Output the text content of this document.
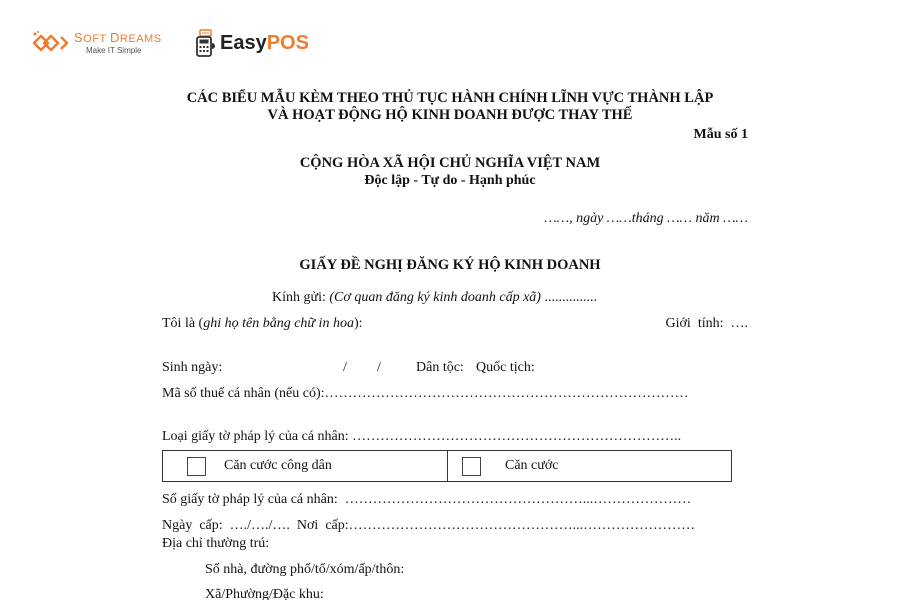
SOFT DREAMS
Make IT Simple	EasyPOS
CÁC BIỂU MẪU KÈM THEO THỦ TỤC HÀNH CHÍNH LĨNH VỰC THÀNH LẬP
VÀ HOẠT ĐỘNG HỘ KINH DOANH ĐƯỢC THAY THẾ
Mẫu số 1
CỘNG HÒA XÃ HỘI CHỦ NGHĨA VIỆT NAM
Độc lập - Tự do - Hạnh phúc
……, ngày ……tháng …… năm ……
GIẤY ĐỀ NGHỊ ĐĂNG KÝ HỘ KINH DOANH
Kính gửi: (Cơ quan đăng ký kinh doanh cấp xã) ...............
Tôi là (ghi họ tên bằng chữ in hoa):	Giới  tính:  ….
Sinh ngày:	/ /	Dân tộc: Quốc tịch:
Mã số thuế cá nhân (nếu có):……………………………………………………………………
Loại giấy tờ pháp lý của cá nhân: ……………………………………………………………..
Căn cước công dân	Căn cước
Số giấy tờ pháp lý của cá nhân:  ……………………………………………...…………………
Ngày  cấp:  …./…./….  Nơi  cấp:…………………………………………...……………………
Địa chỉ thường trú:
Số nhà, đường phố/tổ/xóm/ấp/thôn:
Xã/Phường/Đặc khu:
